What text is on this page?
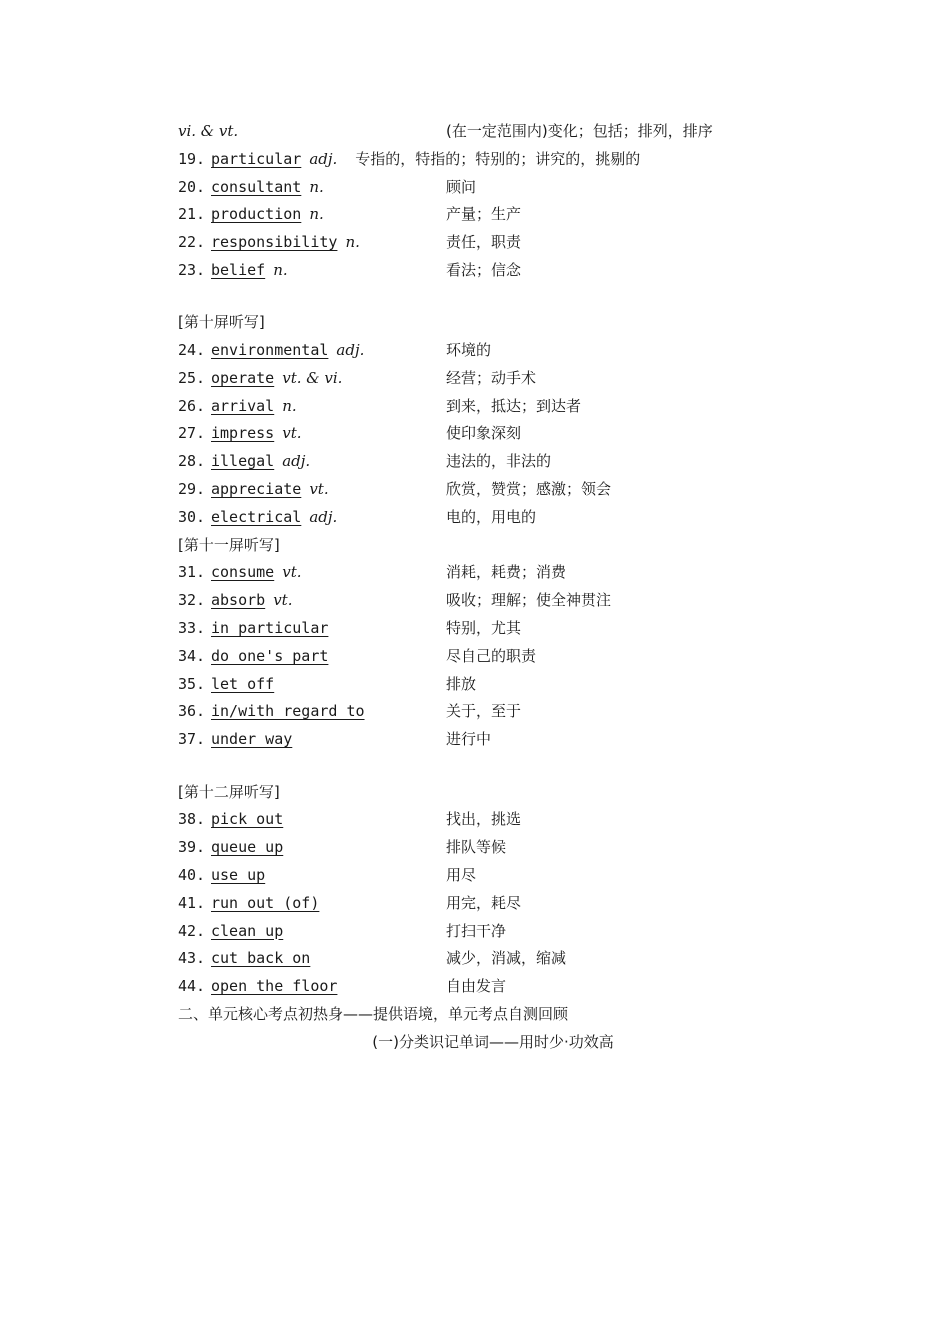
vi. & vt.	(在一定范围内)变化；包括；排列，排序
19. particular adj. 专指的，特指的；特别的；讲究的，挑剔的
20. consultant n.	顾问
21. production n.	产量；生产
22. responsibility n.	责任，职责
23. belief n.	看法；信念
[第十屏听写]
24. environmental adj.	环境的
25. operate vt. & vi.	经营；动手术
26. arrival n.	到来，抵达；到达者
27. impress vt.	使印象深刻
28. illegal adj.	违法的，非法的
29. appreciate vt.	欣赏，赞赏；感激；领会
30. electrical adj.	电的，用电的
[第十一屏听写]
31. consume vt.	消耗，耗费；消费
32. absorb vt.	吸收；理解；使全神贯注
33. in particular	特别，尤其
34. do one's part	尽自己的职责
35. let off	排放
36. in/with regard to	关于，至于
37. under way	进行中
[第十二屏听写]
38. pick out	找出，挑选
39. queue up	排队等候
40. use up	用尽
41. run out (of)	用完，耗尽
42. clean up	打扫干净
43. cut back on	减少，消减，缩减
44. open the floor	自由发言
二、单元核心考点初热身——提供语境，单元考点自测回顾
(一)分类识记单词——用时少·功效高
